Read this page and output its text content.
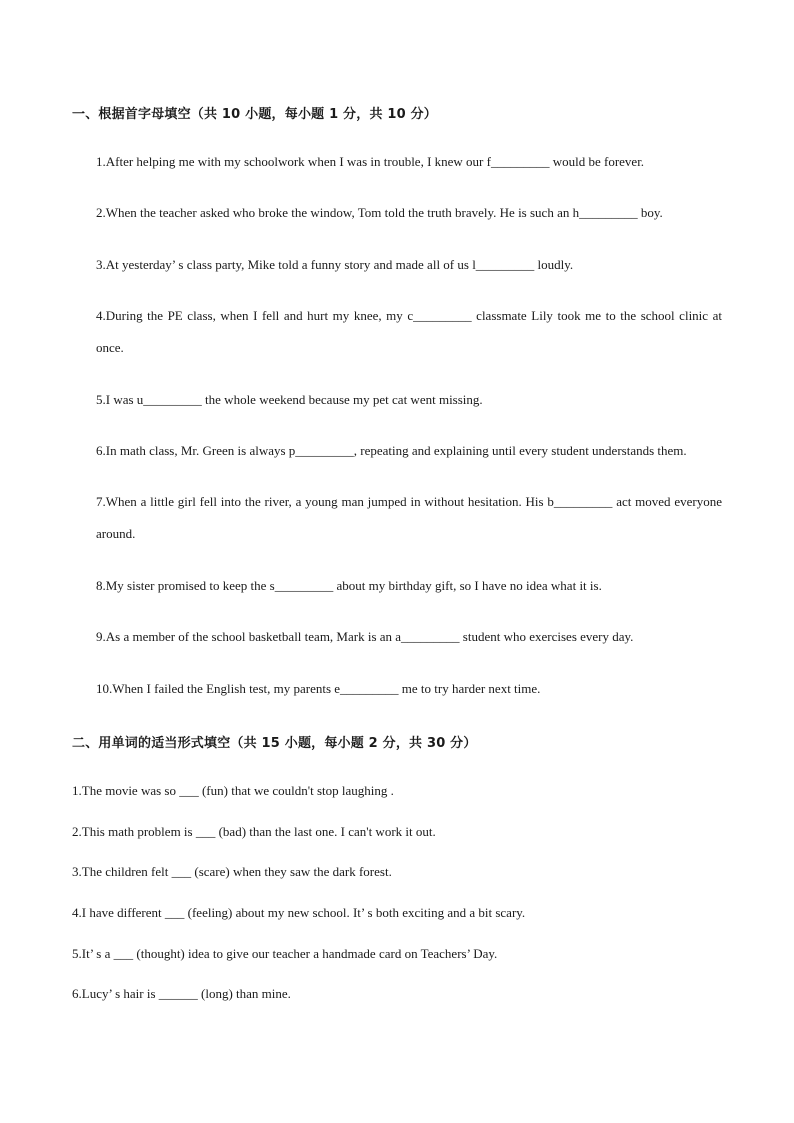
一、根据首字母填空（共 10 小题，每小题 1 分，共 10 分）
1.After helping me with my schoolwork when I was in trouble, I knew our f_________ would be forever.
2.When the teacher asked who broke the window, Tom told the truth bravely. He is such an h_________ boy.
3.At yesterday’ s class party, Mike told a funny story and made all of us l_________ loudly.
4.During the PE class, when I fell and hurt my knee, my c_________ classmate Lily took me to the school clinic at once.
5.I was u_________ the whole weekend because my pet cat went missing.
6.In math class, Mr. Green is always p_________, repeating and explaining until every student understands them.
7.When a little girl fell into the river, a young man jumped in without hesitation. His b_________ act moved everyone around.
8.My sister promised to keep the s_________ about my birthday gift, so I have no idea what it is.
9.As a member of the school basketball team, Mark is an a_________ student who exercises every day.
10.When I failed the English test, my parents e_________ me to try harder next time.
二、用单词的适当形式填空（共 15 小题，每小题 2 分，共 30 分）
1.The movie was so ___ (fun) that we couldn't stop laughing .
2.This math problem is ___ (bad) than the last one. I can't work it out.
3.The children felt ___ (scare) when they saw the dark forest.
4.I have different ___ (feeling) about my new school. It’ s both exciting and a bit scary.
5.It’ s a ___ (thought) idea to give our teacher a handmade card on Teachers’ Day.
6.Lucy’ s hair is ______ (long) than mine.
